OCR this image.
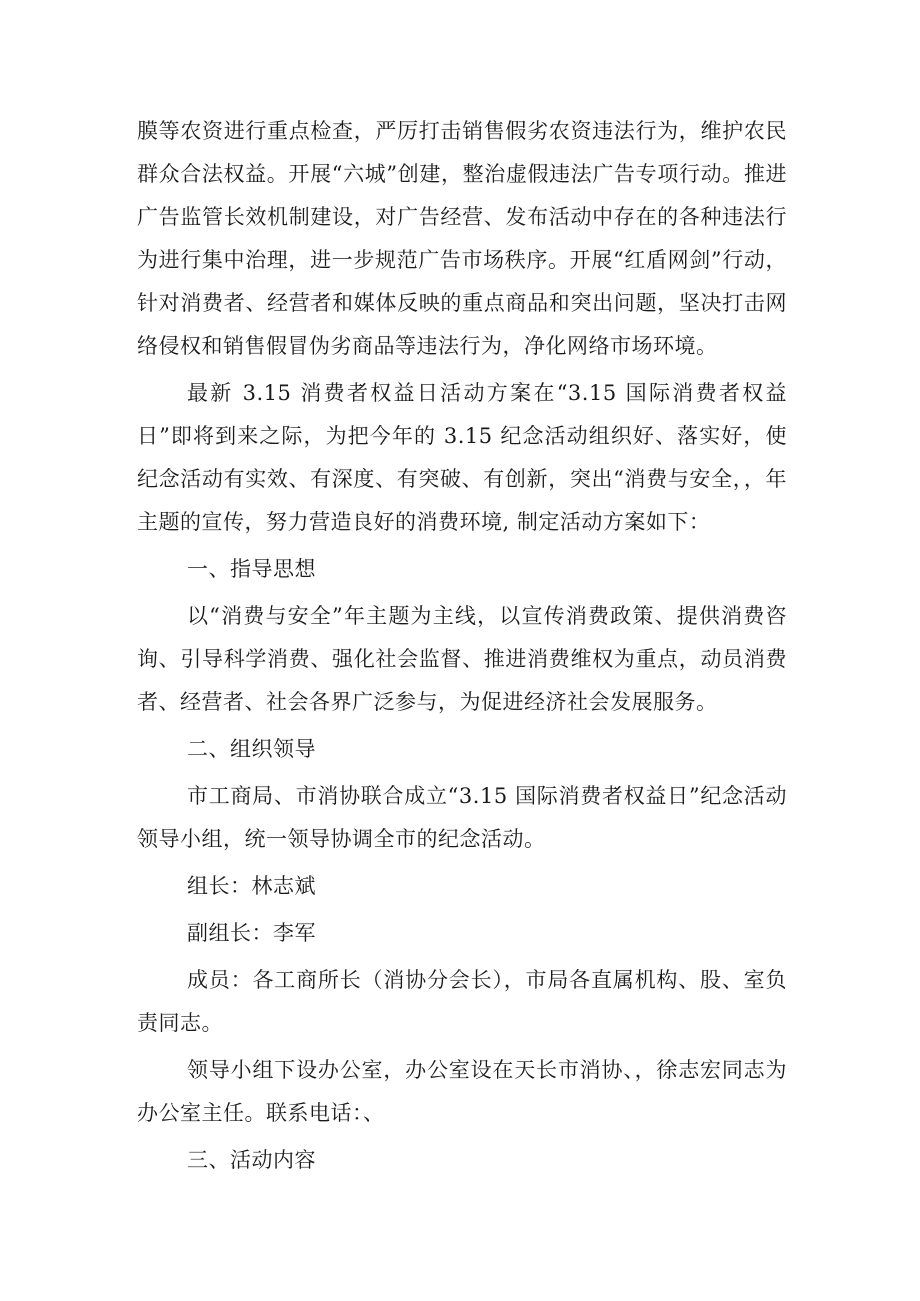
膜等农资进行重点检查，严厉打击销售假劣农资违法行为，维护农民群众合法权益。开展“六城”创建，整治虚假违法广告专项行动。推进广告监管长效机制建设，对广告经营、发布活动中存在的各种违法行为进行集中治理，进一步规范广告市场秩序。开展“红盾网剑”行动，针对消费者、经营者和媒体反映的重点商品和突出问题，坚决打击网络侵权和销售假冒伪劣商品等违法行为，净化网络市场环境。

最新 3.15 消费者权益日活动方案在“3.15 国际消费者权益日”即将到来之际，为把今年的 3.15 纪念活动组织好、落实好，使纪念活动有实效、有深度、有突破、有创新，突出“消费与安全，，年主题的宣传，努力营造良好的消费环境, 制定活动方案如下：

一、指导思想

以“消费与安全”年主题为主线，以宣传消费政策、提供消费咨询、引导科学消费、强化社会监督、推进消费维权为重点，动员消费者、经营者、社会各界广泛参与，为促进经济社会发展服务。

二、组织领导

市工商局、市消协联合成立“3.15 国际消费者权益日”纪念活动领导小组，统一领导协调全市的纪念活动。

组长：林志斌

副组长：李军

成员：各工商所长（消协分会长），市局各直属机构、股、室负责同志。

领导小组下设办公室，办公室设在天长市消协、，徐志宏同志为办公室主任。联系电话：、

三、活动内容
